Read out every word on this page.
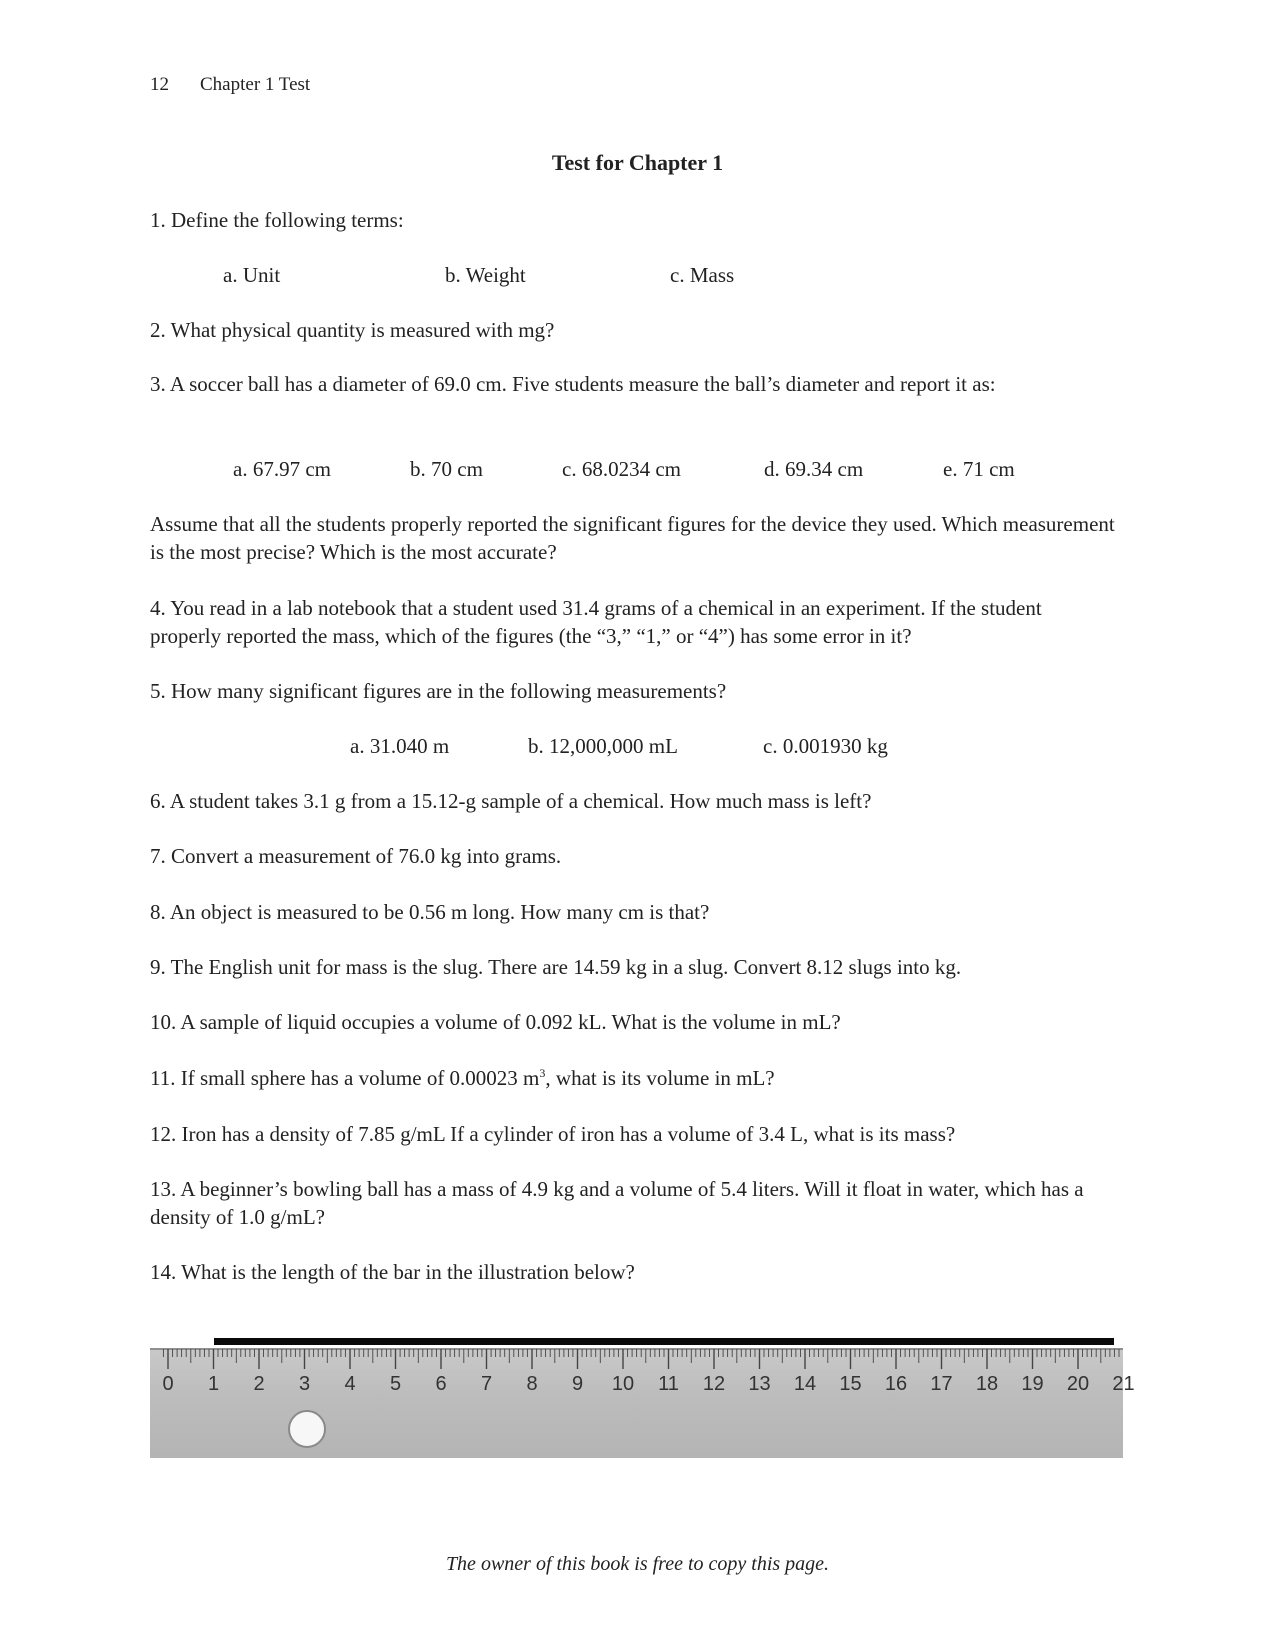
12 Chapter 1 Test
Test for Chapter 1
1. Define the following terms:
a. Unit	b. Weight	c. Mass
2. What physical quantity is measured with mg?
3. A soccer ball has a diameter of 69.0 cm. Five students measure the ball’s diameter and report it as:
a. 67.97 cm	b. 70 cm	c. 68.0234 cm	d. 69.34 cm	e. 71 cm
Assume that all the students properly reported the significant figures for the device they used. Which measurement is the most precise? Which is the most accurate?
4. You read in a lab notebook that a student used 31.4 grams of a chemical in an experiment. If the student properly reported the mass, which of the figures (the “3,” “1,” or “4”) has some error in it?
5. How many significant figures are in the following measurements?
a. 31.040 m	b. 12,000,000 mL	c. 0.001930 kg
6. A student takes 3.1 g from a 15.12-g sample of a chemical. How much mass is left?
7. Convert a measurement of 76.0 kg into grams.
8. An object is measured to be 0.56 m long. How many cm is that?
9. The English unit for mass is the slug. There are 14.59 kg in a slug. Convert 8.12 slugs into kg.
10. A sample of liquid occupies a volume of 0.092 kL. What is the volume in mL?
11. If small sphere has a volume of 0.00023 $m^3$, what is its volume in mL?
12. Iron has a density of 7.85 g/mL If a cylinder of iron has a volume of 3.4 L, what is its mass?
13. A beginner’s bowling ball has a mass of 4.9 kg and a volume of 5.4 liters. Will it float in water, which has a density of 1.0 g/mL?
14. What is the length of the bar in the illustration below?
0 1 2 3 4 5 6 7 8 9 10 11 12 13 14 15 16 17 18 19 20 21
The owner of this book is free to copy this page.
